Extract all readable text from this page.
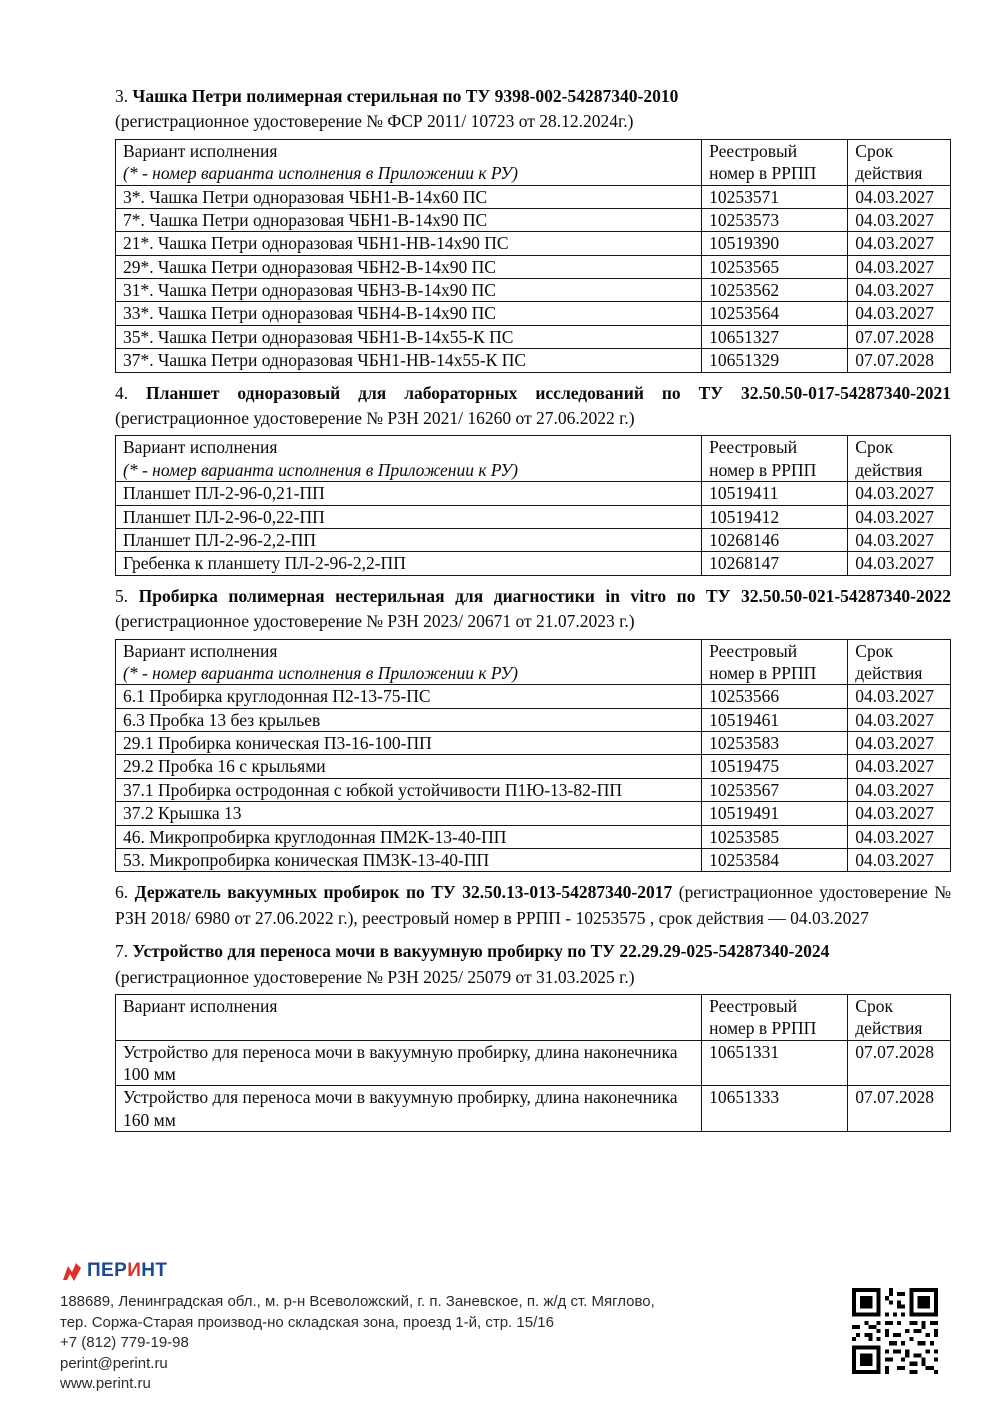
3. Чашка Петри полимерная стерильная по ТУ 9398-002-54287340-2010

(регистрационное удостоверение № ФСР 2011/ 10723 от 28.12.2024г.)

Вариант исполнения
(* - номер варианта исполнения в Приложении к РУ)	Реестровый номер в РРПП	Срок действия
3*. Чашка Петри одноразовая ЧБН1-В-14х60 ПС	10253571	04.03.2027
7*. Чашка Петри одноразовая ЧБН1-В-14х90 ПС	10253573	04.03.2027
21*. Чашка Петри одноразовая ЧБН1-НВ-14х90 ПС	10519390	04.03.2027
29*. Чашка Петри одноразовая ЧБН2-В-14х90 ПС	10253565	04.03.2027
31*. Чашка Петри одноразовая ЧБН3-В-14х90 ПС	10253562	04.03.2027
33*. Чашка Петри одноразовая ЧБН4-В-14х90 ПС	10253564	04.03.2027
35*. Чашка Петри одноразовая ЧБН1-В-14х55-К ПС	10651327	07.07.2028
37*. Чашка Петри одноразовая ЧБН1-НВ-14х55-К ПС	10651329	07.07.2028

4. Планшет одноразовый для лабораторных исследований по ТУ 32.50.50-017-54287340-2021 (регистрационное удостоверение № РЗН 2021/ 16260 от 27.06.2022 г.)

Вариант исполнения
(* - номер варианта исполнения в Приложении к РУ)	Реестровый номер в РРПП	Срок действия
Планшет ПЛ-2-96-0,21-ПП	10519411	04.03.2027
Планшет ПЛ-2-96-0,22-ПП	10519412	04.03.2027
Планшет ПЛ-2-96-2,2-ПП	10268146	04.03.2027
Гребенка к планшету ПЛ-2-96-2,2-ПП	10268147	04.03.2027

5. Пробирка полимерная нестерильная для диагностики in vitro по ТУ 32.50.50-021-54287340-2022 (регистрационное удостоверение № РЗН 2023/ 20671 от 21.07.2023 г.)

Вариант исполнения
(* - номер варианта исполнения в Приложении к РУ)	Реестровый номер в РРПП	Срок действия
6.1 Пробирка круглодонная П2-13-75-ПС	10253566	04.03.2027
6.3 Пробка 13 без крыльев	10519461	04.03.2027
29.1 Пробирка коническая П3-16-100-ПП	10253583	04.03.2027
29.2 Пробка 16 с крыльями	10519475	04.03.2027
37.1 Пробирка остродонная с юбкой устойчивости П1Ю-13-82-ПП	10253567	04.03.2027
37.2 Крышка 13	10519491	04.03.2027
46. Микропробирка круглодонная ПМ2К-13-40-ПП	10253585	04.03.2027
53. Микропробирка коническая ПМ3К-13-40-ПП	10253584	04.03.2027

6. Держатель вакуумных пробирок по ТУ 32.50.13-013-54287340-2017 (регистрационное удостоверение № РЗН 2018/ 6980 от 27.06.2022 г.), реестровый номер в РРПП - 10253575 , срок действия — 04.03.2027

7. Устройство для переноса мочи в вакуумную пробирку по ТУ 22.29.29-025-54287340-2024

(регистрационное удостоверение № РЗН 2025/ 25079 от 31.03.2025 г.)

Вариант исполнения	Реестровый номер в РРПП	Срок действия
Устройство для переноса мочи в вакуумную пробирку, длина наконечника 100 мм	10651331	07.07.2028
Устройство для переноса мочи в вакуумную пробирку, длина наконечника 160 мм	10651333	07.07.2028
ПЕРИНТ
188689, Ленинградская обл., м. р-н Всеволожский, г. п. Заневское, п. ж/д ст. Мяглово,
тер. Соржа-Старая производ-но складская зона, проезд 1-й, стр. 15/16
+7 (812) 779-19-98
perint@perint.ru
www.perint.ru
